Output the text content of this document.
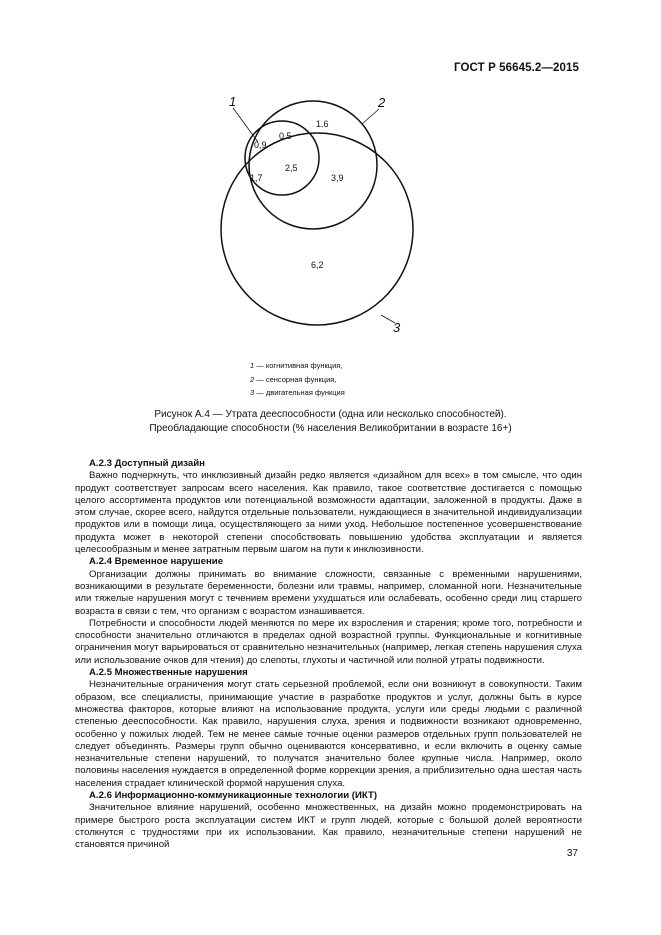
ГОСТ Р 56645.2—2015
1	2
3
0,9
0.5
1.6
1,7
2,5
3,9
6,2
1 — когнитивная функция,
2 — сенсорная функция,
3 — двигательная функция
Рисунок А.4 — Утрата дееспособности (одна или несколько способностей).
Преобладающие способности (% населения Великобритании в возрасте 16+)
А.2.3 Доступный дизайн

Важно подчеркнуть, что инклюзивный дизайн редко является «дизайном для всех» в том смысле, что один продукт соответствует запросам всего населения. Как правило, такое соответствие достигается с помощью целого ассортимента продуктов или потенциальной возможности адаптации, заложенной в продукты. Даже в этом случае, скорее всего, найдутся отдельные пользователи, нуждающиеся в значительной индивидуализации продуктов или в помощи лица, осуществляющего за ними уход. Небольшое постепенное усовершенствование продукта может в некоторой степени способствовать повышению удобства эксплуатации и является целесообразным и менее затратным первым шагом на пути к инклюзивности.

А.2.4 Временное нарушение

Организации должны принимать во внимание сложности, связанные с временными нарушениями, возникающими в результате беременности, болезни или травмы, например, сломанной ноги. Незначительные или тяжелые нарушения могут с течением времени ухудшаться или ослабевать, особенно среди лиц старшего возраста в связи с тем, что организм с возрастом изнашивается.

Потребности и способности людей меняются по мере их взросления и старения; кроме того, потребности и способности значительно отличаются в пределах одной возрастной группы. Функциональные и когнитивные ограничения могут варьироваться от сравнительно незначительных (например, легкая степень нарушения слуха или использование очков для чтения) до слепоты, глухоты и частичной или полной утраты подвижности.

А.2.5 Множественные нарушения

Незначительные ограничения могут стать серьезной проблемой, если они возникнут в совокупности. Таким образом, все специалисты, принимающие участие в разработке продуктов и услуг, должны быть в курсе множества факторов, которые влияют на использование продукта, услуги или среды людьми с различной степенью дееспособности. Как правило, нарушения слуха, зрения и подвижности возникают одновременно, особенно у пожилых людей. Тем не менее самые точные оценки размеров отдельных групп пользователей не следует объединять. Размеры групп обычно оцениваются консервативно, и если включить в оценку самые незначительные степени нарушений, то получатся значительно более крупные числа. Например, около половины населения нуждается в определенной форме коррекции зрения, а приблизительно одна шестая часть населения страдает клинической формой нарушения слуха.

А.2.6 Информационно-коммуникационные технологии (ИКТ)

Значительное влияние нарушений, особенно множественных, на дизайн можно продемонстрировать на примере быстрого роста эксплуатации систем ИКТ и групп людей, которые с большой долей вероятности столкнутся с трудностями при их использовании. Как правило, незначительные степени нарушений не становятся причиной

37
